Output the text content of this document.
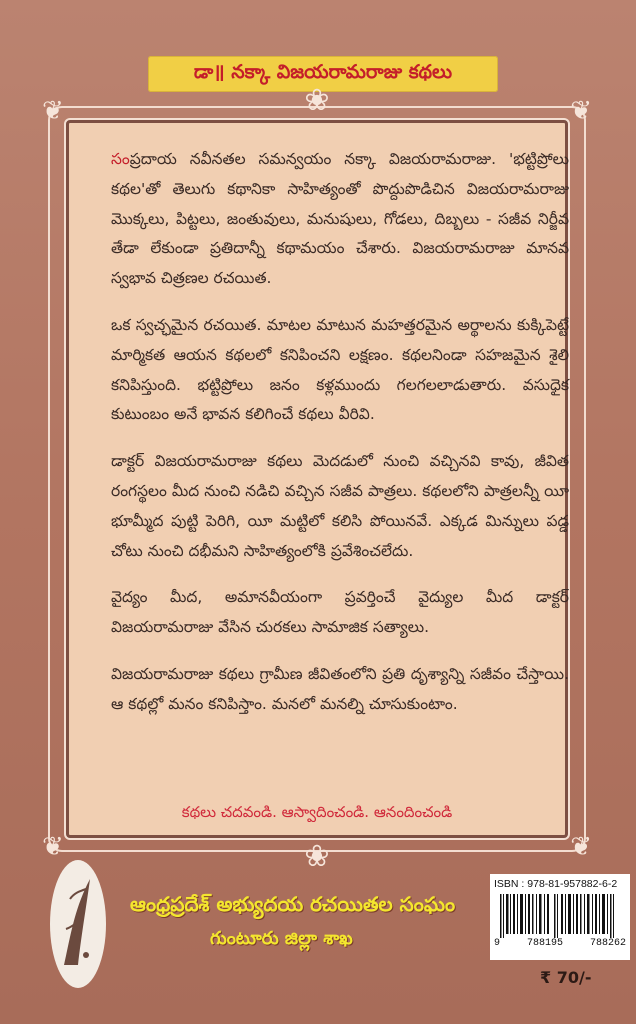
డా॥ నక్కా విజయరామరాజు కథలు
❦	❦
❦	❦
❀
❀

సంప్రదాయ నవీనతల సమన్వయం నక్కా విజయరామరాజు. 'భట్టిప్రోలు కథల'తో తెలుగు కథానికా సాహిత్యంతో పొద్దుపొడిచిన విజయరామరాజు మొక్కలు, పిట్టలు, జంతువులు, మనుషులు, గోడలు, దిబ్బలు - సజీవ నిర్జీవ తేడా లేకుండా ప్రతిదాన్నీ కథామయం చేశారు. విజయరామరాజు మానవ స్వభావ చిత్రణల రచయిత.

ఒక స్వచ్ఛమైన రచయిత. మాటల మాటున మహత్తరమైన అర్థాలను కుక్కిపెట్టే మార్మికత ఆయన కథలలో కనిపించని లక్షణం. కథలనిండా సహజమైన శైలి కనిపిస్తుంది. భట్టిప్రోలు జనం కళ్లముందు గలగలలాడుతారు. వసుధైక కుటుంబం అనే భావన కలిగించే కథలు వీరివి.

డాక్టర్ విజయరామరాజు కథలు మెదడులో నుంచి వచ్చినవి కావు, జీవిత రంగస్థలం మీద నుంచి నడిచి వచ్చిన సజీవ పాత్రలు. కథలలోని పాత్రలన్నీ యీ భూమ్మీద పుట్టి పెరిగి, యీ మట్టిలో కలిసి పోయినవే. ఎక్కడ మిన్నులు పడ్డ చోటు నుంచి దభీమని సాహిత్యంలోకి ప్రవేశించలేదు.

వైద్యం మీద, అమానవీయంగా ప్రవర్తించే వైద్యుల మీద డాక్టర్ విజయరామరాజు వేసిన చురకలు సామాజిక సత్యాలు.

విజయరామరాజు కథలు గ్రామీణ జీవితంలోని ప్రతి దృశ్యాన్ని సజీవం చేస్తాయి. ఆ కథల్లో మనం కనిపిస్తాం. మనలో మనల్ని చూసుకుంటాం.

కథలు చదవండి. ఆస్వాదించండి. ఆనందించండి
ఆంధ్రప్రదేశ్ అభ్యుదయ రచయితల సంఘం
గుంటూరు జిల్లా శాఖ
ISBN : 978-81-957882-6-2
9	788195	788262
₹ 70/-
